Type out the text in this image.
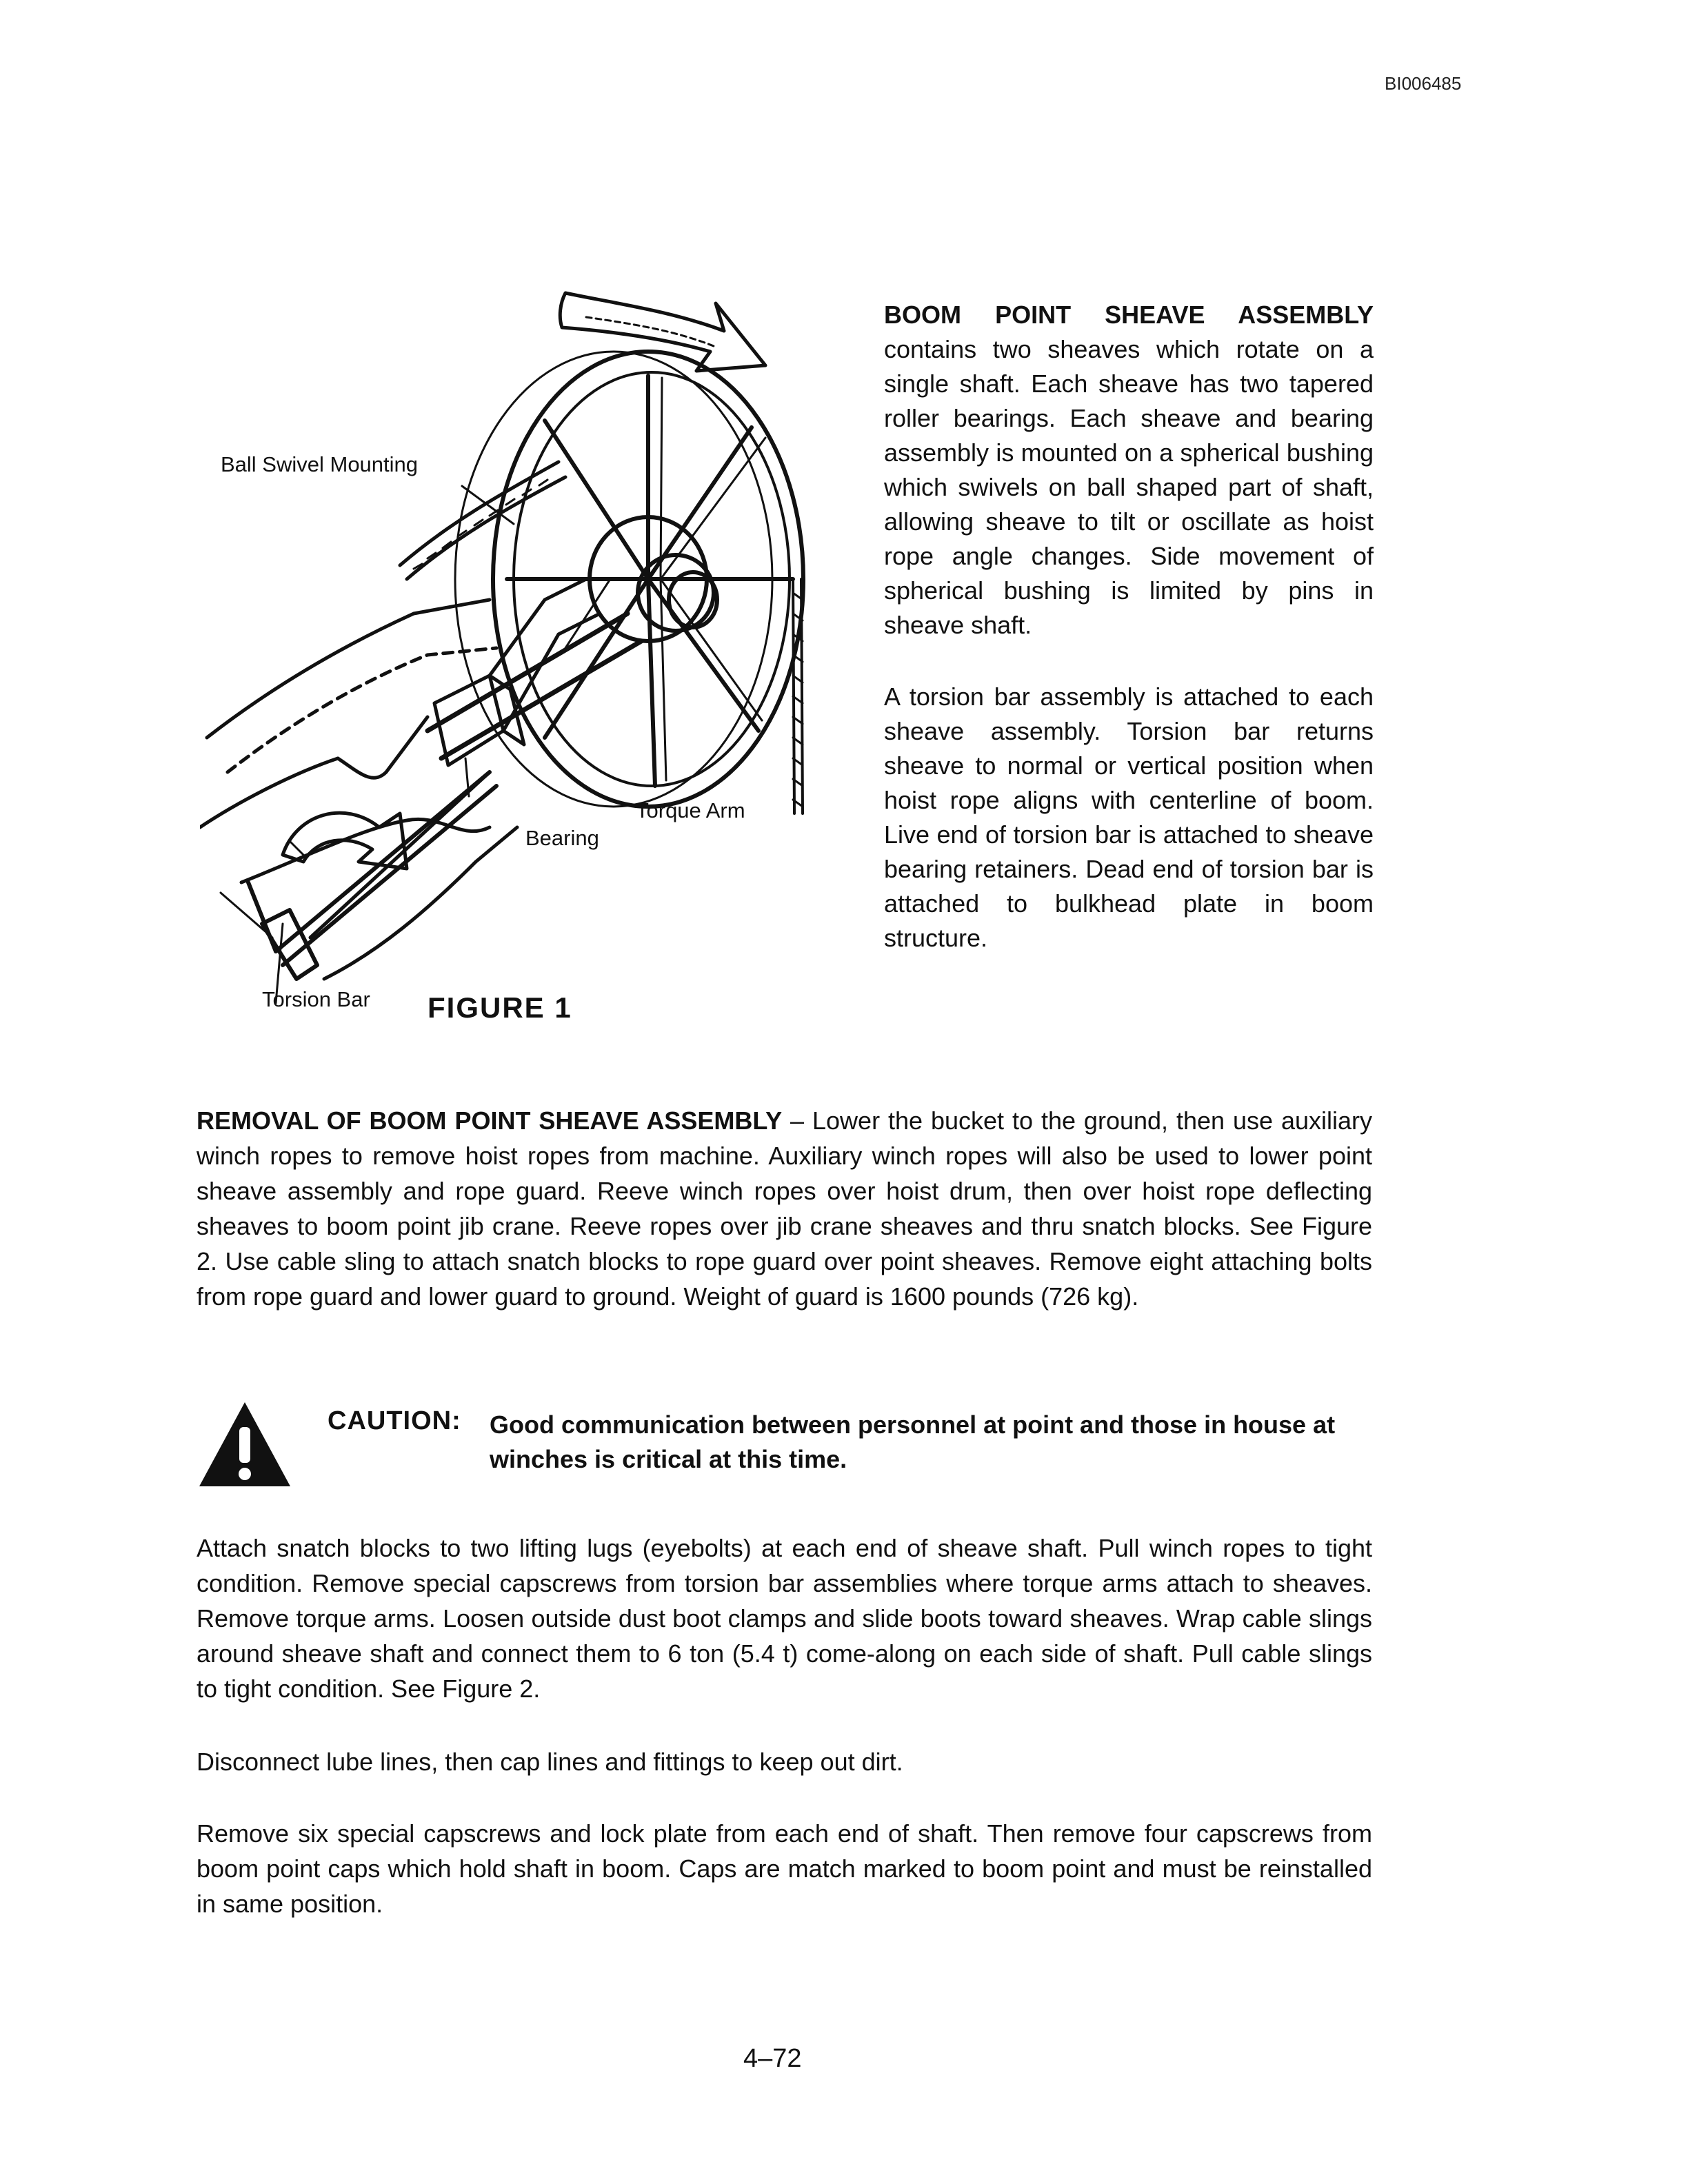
BI006485
Ball Swivel Mounting
Torque Arm
Bearing
Torsion Bar FIGURE 1

BOOM POINT SHEAVE ASSEMBLY contains two sheaves which rotate on a single shaft. Each sheave has two tapered roller bearings. Each sheave and bearing assembly is mounted on a spherical bushing which swivels on ball shaped part of shaft, allowing sheave to tilt or oscillate as hoist rope angle changes. Side movement of spherical bushing is limited by pins in sheave shaft.

A torsion bar assembly is attached to each sheave assembly. Torsion bar returns sheave to normal or vertical position when hoist rope aligns with centerline of boom. Live end of torsion bar is attached to sheave bearing retainers. Dead end of torsion bar is attached to bulkhead plate in boom structure.

REMOVAL OF BOOM POINT SHEAVE ASSEMBLY – Lower the bucket to the ground, then use auxiliary winch ropes to remove hoist ropes from machine. Auxiliary winch ropes will also be used to lower point sheave assembly and rope guard. Reeve winch ropes over hoist drum, then over hoist rope deflecting sheaves to boom point jib crane. Reeve ropes over jib crane sheaves and thru snatch blocks. See Figure 2. Use cable sling to attach snatch blocks to rope guard over point sheaves. Remove eight attaching bolts from rope guard and lower guard to ground. Weight of guard is 1600 pounds (726 kg).

CAUTION: Good communication between personnel at point and those in house at winches is critical at this time.

Attach snatch blocks to two lifting lugs (eyebolts) at each end of sheave shaft. Pull winch ropes to tight condition. Remove special capscrews from torsion bar assemblies where torque arms attach to sheaves. Remove torque arms. Loosen outside dust boot clamps and slide boots toward sheaves. Wrap cable slings around sheave shaft and connect them to 6 ton (5.4 t) come-along on each side of shaft. Pull cable slings to tight condition. See Figure 2.

Disconnect lube lines, then cap lines and fittings to keep out dirt.

Remove six special capscrews and lock plate from each end of shaft. Then remove four capscrews from boom point caps which hold shaft in boom. Caps are match marked to boom point and must be reinstalled in same position.

4–72
